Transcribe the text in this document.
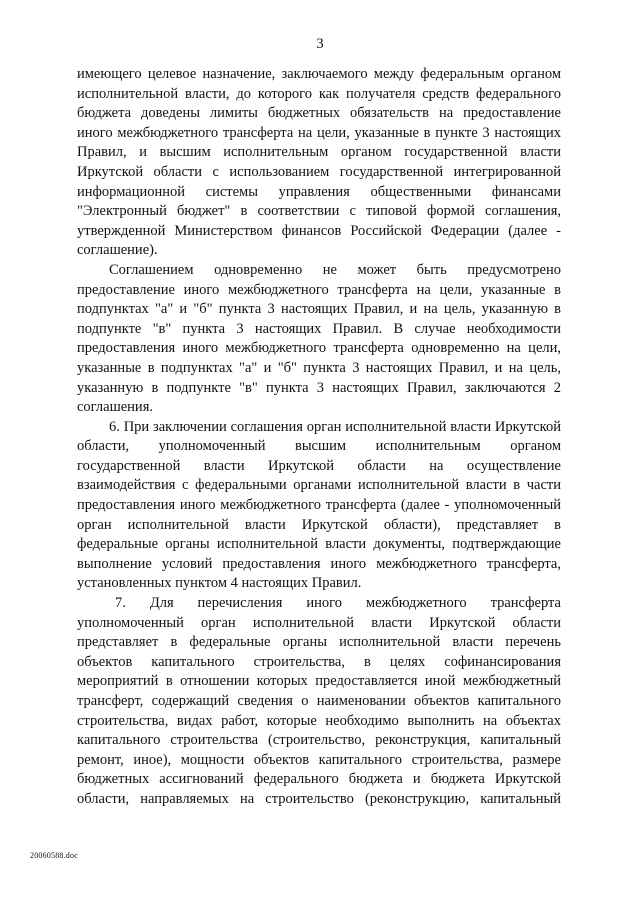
3

имеющего целевое назначение, заключаемого между федеральным органом исполнительной власти, до которого как получателя средств федерального бюджета доведены лимиты бюджетных обязательств на предоставление иного межбюджетного трансферта на цели, указанные в пункте 3 настоящих Правил, и высшим исполнительным органом государственной власти Иркутской области с использованием государственной интегрированной информационной системы управления общественными финансами "Электронный бюджет" в соответствии с типовой формой соглашения, утвержденной Министерством финансов Российской Федерации (далее - соглашение).

Соглашением одновременно не может быть предусмотрено предоставление иного межбюджетного трансферта на цели, указанные в подпунктах "а" и "б" пункта 3 настоящих Правил, и на цель, указанную в подпункте "в" пункта 3 настоящих Правил. В случае необходимости предоставления иного межбюджетного трансферта одновременно на цели, указанные в подпунктах "а" и "б" пункта 3 настоящих Правил, и на цель, указанную в подпункте "в" пункта 3 настоящих Правил, заключаются 2 соглашения.

6. При заключении соглашения орган исполнительной власти Иркутской области, уполномоченный высшим исполнительным органом государственной власти Иркутской области на осуществление взаимодействия с федеральными органами исполнительной власти в части предоставления иного межбюджетного трансферта (далее - уполномоченный орган исполнительной власти Иркутской области), представляет в федеральные органы исполнительной власти документы, подтверждающие выполнение условий предоставления иного межбюджетного трансферта, установленных пунктом 4 настоящих Правил.

7. Для перечисления иного межбюджетного трансферта уполномоченный орган исполнительной власти Иркутской области представляет в федеральные органы исполнительной власти перечень объектов капитального строительства, в целях софинансирования мероприятий в отношении которых предоставляется иной межбюджетный трансферт, содержащий сведения о наименовании объектов капитального строительства, видах работ, которые необходимо выполнить на объектах капитального строительства (строительство, реконструкция, капитальный ремонт, иное), мощности объектов капитального строительства, размере бюджетных ассигнований федерального бюджета и бюджета Иркутской области, направляемых на строительство (реконструкцию, капитальный

20060588.doc
